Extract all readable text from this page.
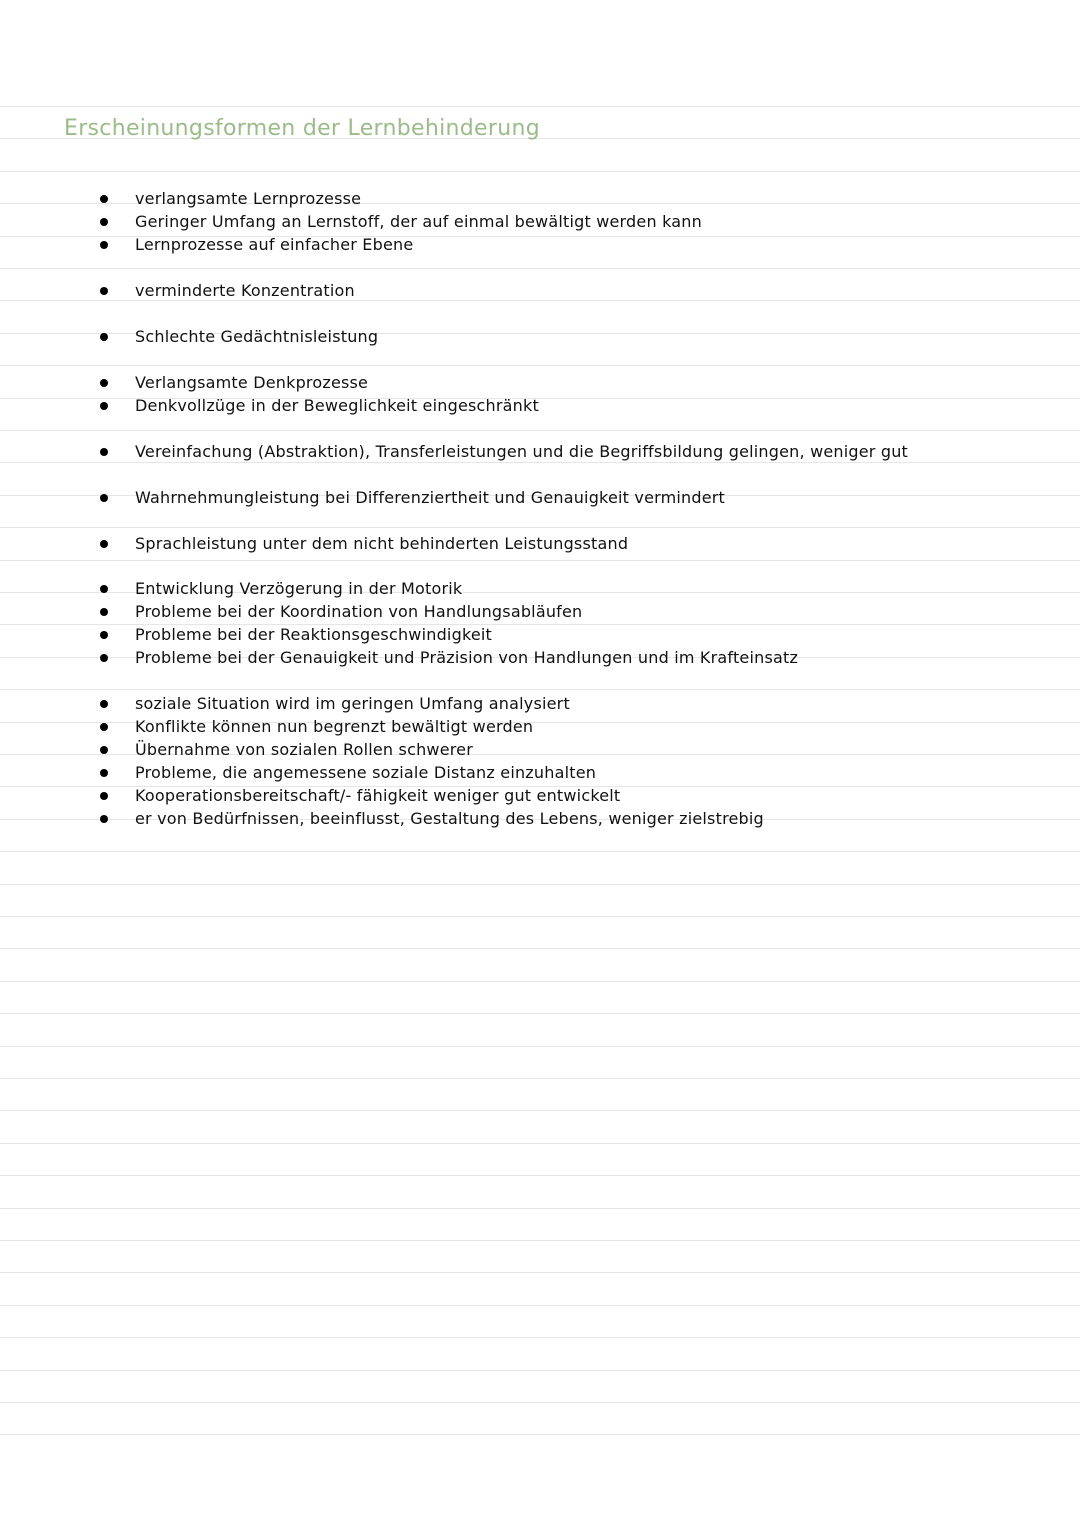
Erscheinungsformen der Lernbehinderung
verlangsamte Lernprozesse
Geringer Umfang an Lernstoff, der auf einmal bewältigt werden kann
Lernprozesse auf einfacher Ebene
verminderte Konzentration
Schlechte Gedächtnisleistung
Verlangsamte Denkprozesse
Denkvollzüge in der Beweglichkeit eingeschränkt
Vereinfachung (Abstraktion), Transferleistungen und die Begriffsbildung gelingen, weniger gut
Wahrnehmungleistung bei Differenziertheit und Genauigkeit vermindert
Sprachleistung unter dem nicht behinderten Leistungsstand
Entwicklung Verzögerung in der Motorik
Probleme bei der Koordination von Handlungsabläufen
Probleme bei der Reaktionsgeschwindigkeit
Probleme bei der Genauigkeit und Präzision von Handlungen und im Krafteinsatz
soziale Situation wird im geringen Umfang analysiert
Konflikte können nun begrenzt bewältigt werden
Übernahme von sozialen Rollen schwerer
Probleme, die angemessene soziale Distanz einzuhalten
Kooperationsbereitschaft/- fähigkeit weniger gut entwickelt
er von Bedürfnissen, beeinflusst, Gestaltung des Lebens, weniger zielstrebig
